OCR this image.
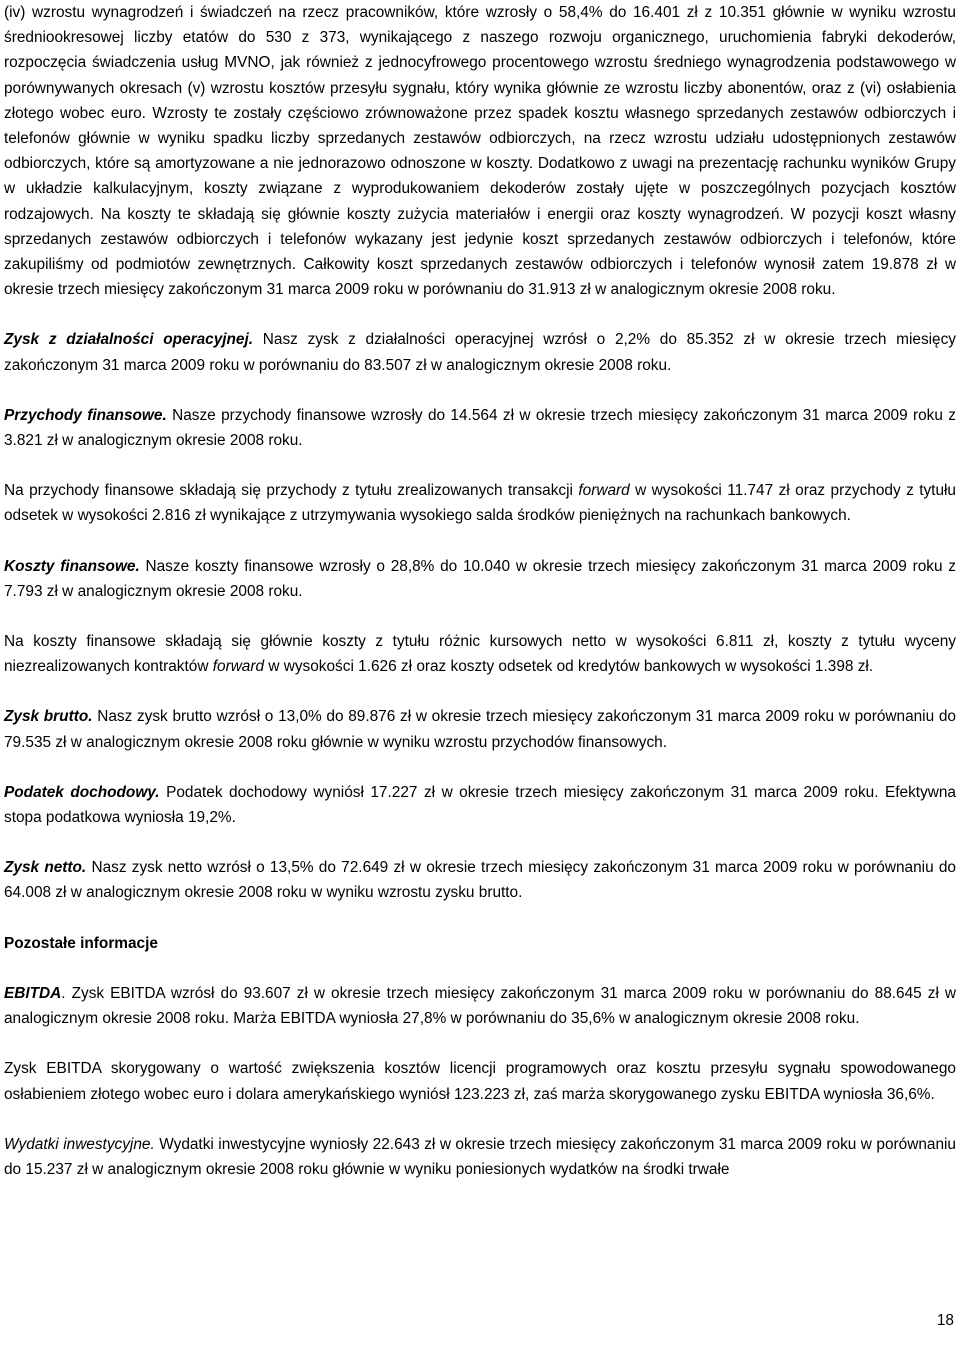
(iv) wzrostu wynagrodzeń i świadczeń na rzecz pracowników, które wzrosły o 58,4% do 16.401 zł z 10.351 głównie w wyniku wzrostu średniookresowej liczby etatów do 530 z 373, wynikającego z naszego rozwoju organicznego, uruchomienia fabryki dekoderów, rozpoczęcia świadczenia usług MVNO, jak również z jednocyfrowego procentowego wzrostu średniego wynagrodzenia podstawowego w porównywanych okresach (v) wzrostu kosztów przesyłu sygnału, który wynika głównie ze wzrostu liczby abonentów, oraz z (vi) osłabienia złotego wobec euro. Wzrosty te zostały częściowo zrównoważone przez spadek kosztu własnego sprzedanych zestawów odbiorczych i telefonów głównie w wyniku spadku liczby sprzedanych zestawów odbiorczych, na rzecz wzrostu udziału udostępnionych zestawów odbiorczych, które są amortyzowane a nie jednorazowo odnoszone w koszty. Dodatkowo z uwagi na prezentację rachunku wyników Grupy w układzie kalkulacyjnym, koszty związane z wyprodukowaniem dekoderów zostały ujęte w poszczególnych pozycjach kosztów rodzajowych. Na koszty te składają się głównie koszty zużycia materiałów i energii oraz koszty wynagrodzeń. W pozycji koszt własny sprzedanych zestawów odbiorczych i telefonów wykazany jest jedynie koszt sprzedanych zestawów odbiorczych i telefonów, które zakupiliśmy od podmiotów zewnętrznych. Całkowity koszt sprzedanych zestawów odbiorczych i telefonów wynosił zatem 19.878 zł w okresie trzech miesięcy zakończonym 31 marca 2009 roku w porównaniu do 31.913 zł w analogicznym okresie 2008 roku.

Zysk z działalności operacyjnej. Nasz zysk z działalności operacyjnej wzrósł o 2,2% do 85.352 zł w okresie trzech miesięcy zakończonym 31 marca 2009 roku w porównaniu do 83.507 zł w analogicznym okresie 2008 roku.

Przychody finansowe. Nasze przychody finansowe wzrosły do 14.564 zł w okresie trzech miesięcy zakończonym 31 marca 2009 roku z 3.821 zł w analogicznym okresie 2008 roku.

Na przychody finansowe składają się przychody z tytułu zrealizowanych transakcji forward w wysokości 11.747 zł oraz przychody z tytułu odsetek w wysokości 2.816 zł wynikające z utrzymywania wysokiego salda środków pieniężnych na rachunkach bankowych.

Koszty finansowe. Nasze koszty finansowe wzrosły o 28,8% do 10.040 w okresie trzech miesięcy zakończonym 31 marca 2009 roku z 7.793 zł w analogicznym okresie 2008 roku.

Na koszty finansowe składają się głównie koszty z tytułu różnic kursowych netto w wysokości 6.811 zł, koszty z tytułu wyceny niezrealizowanych kontraktów forward w wysokości 1.626 zł oraz koszty odsetek od kredytów bankowych w wysokości 1.398 zł.

Zysk brutto. Nasz zysk brutto wzrósł o 13,0% do 89.876 zł w okresie trzech miesięcy zakończonym 31 marca 2009 roku w porównaniu do 79.535 zł w analogicznym okresie 2008 roku głównie w wyniku wzrostu przychodów finansowych.

Podatek dochodowy. Podatek dochodowy wyniósł 17.227 zł w okresie trzech miesięcy zakończonym 31 marca 2009 roku. Efektywna stopa podatkowa wyniosła 19,2%.

Zysk netto. Nasz zysk netto wzrósł o 13,5% do 72.649 zł w okresie trzech miesięcy zakończonym 31 marca 2009 roku w porównaniu do 64.008 zł w analogicznym okresie 2008 roku w wyniku wzrostu zysku brutto.

Pozostałe informacje

EBITDA. Zysk EBITDA wzrósł do 93.607 zł w okresie trzech miesięcy zakończonym 31 marca 2009 roku w porównaniu do 88.645 zł w analogicznym okresie 2008 roku. Marża EBITDA wyniosła 27,8% w porównaniu do 35,6% w analogicznym okresie 2008 roku.

Zysk EBITDA skorygowany o wartość zwiększenia kosztów licencji programowych oraz kosztu przesyłu sygnału spowodowanego osłabieniem złotego wobec euro i dolara amerykańskiego wyniósł 123.223 zł, zaś marża skorygowanego zysku EBITDA wyniosła 36,6%.

Wydatki inwestycyjne. Wydatki inwestycyjne wyniosły 22.643 zł w okresie trzech miesięcy zakończonym 31 marca 2009 roku w porównaniu do 15.237 zł w analogicznym okresie 2008 roku głównie w wyniku poniesionych wydatków na środki trwałe

18
